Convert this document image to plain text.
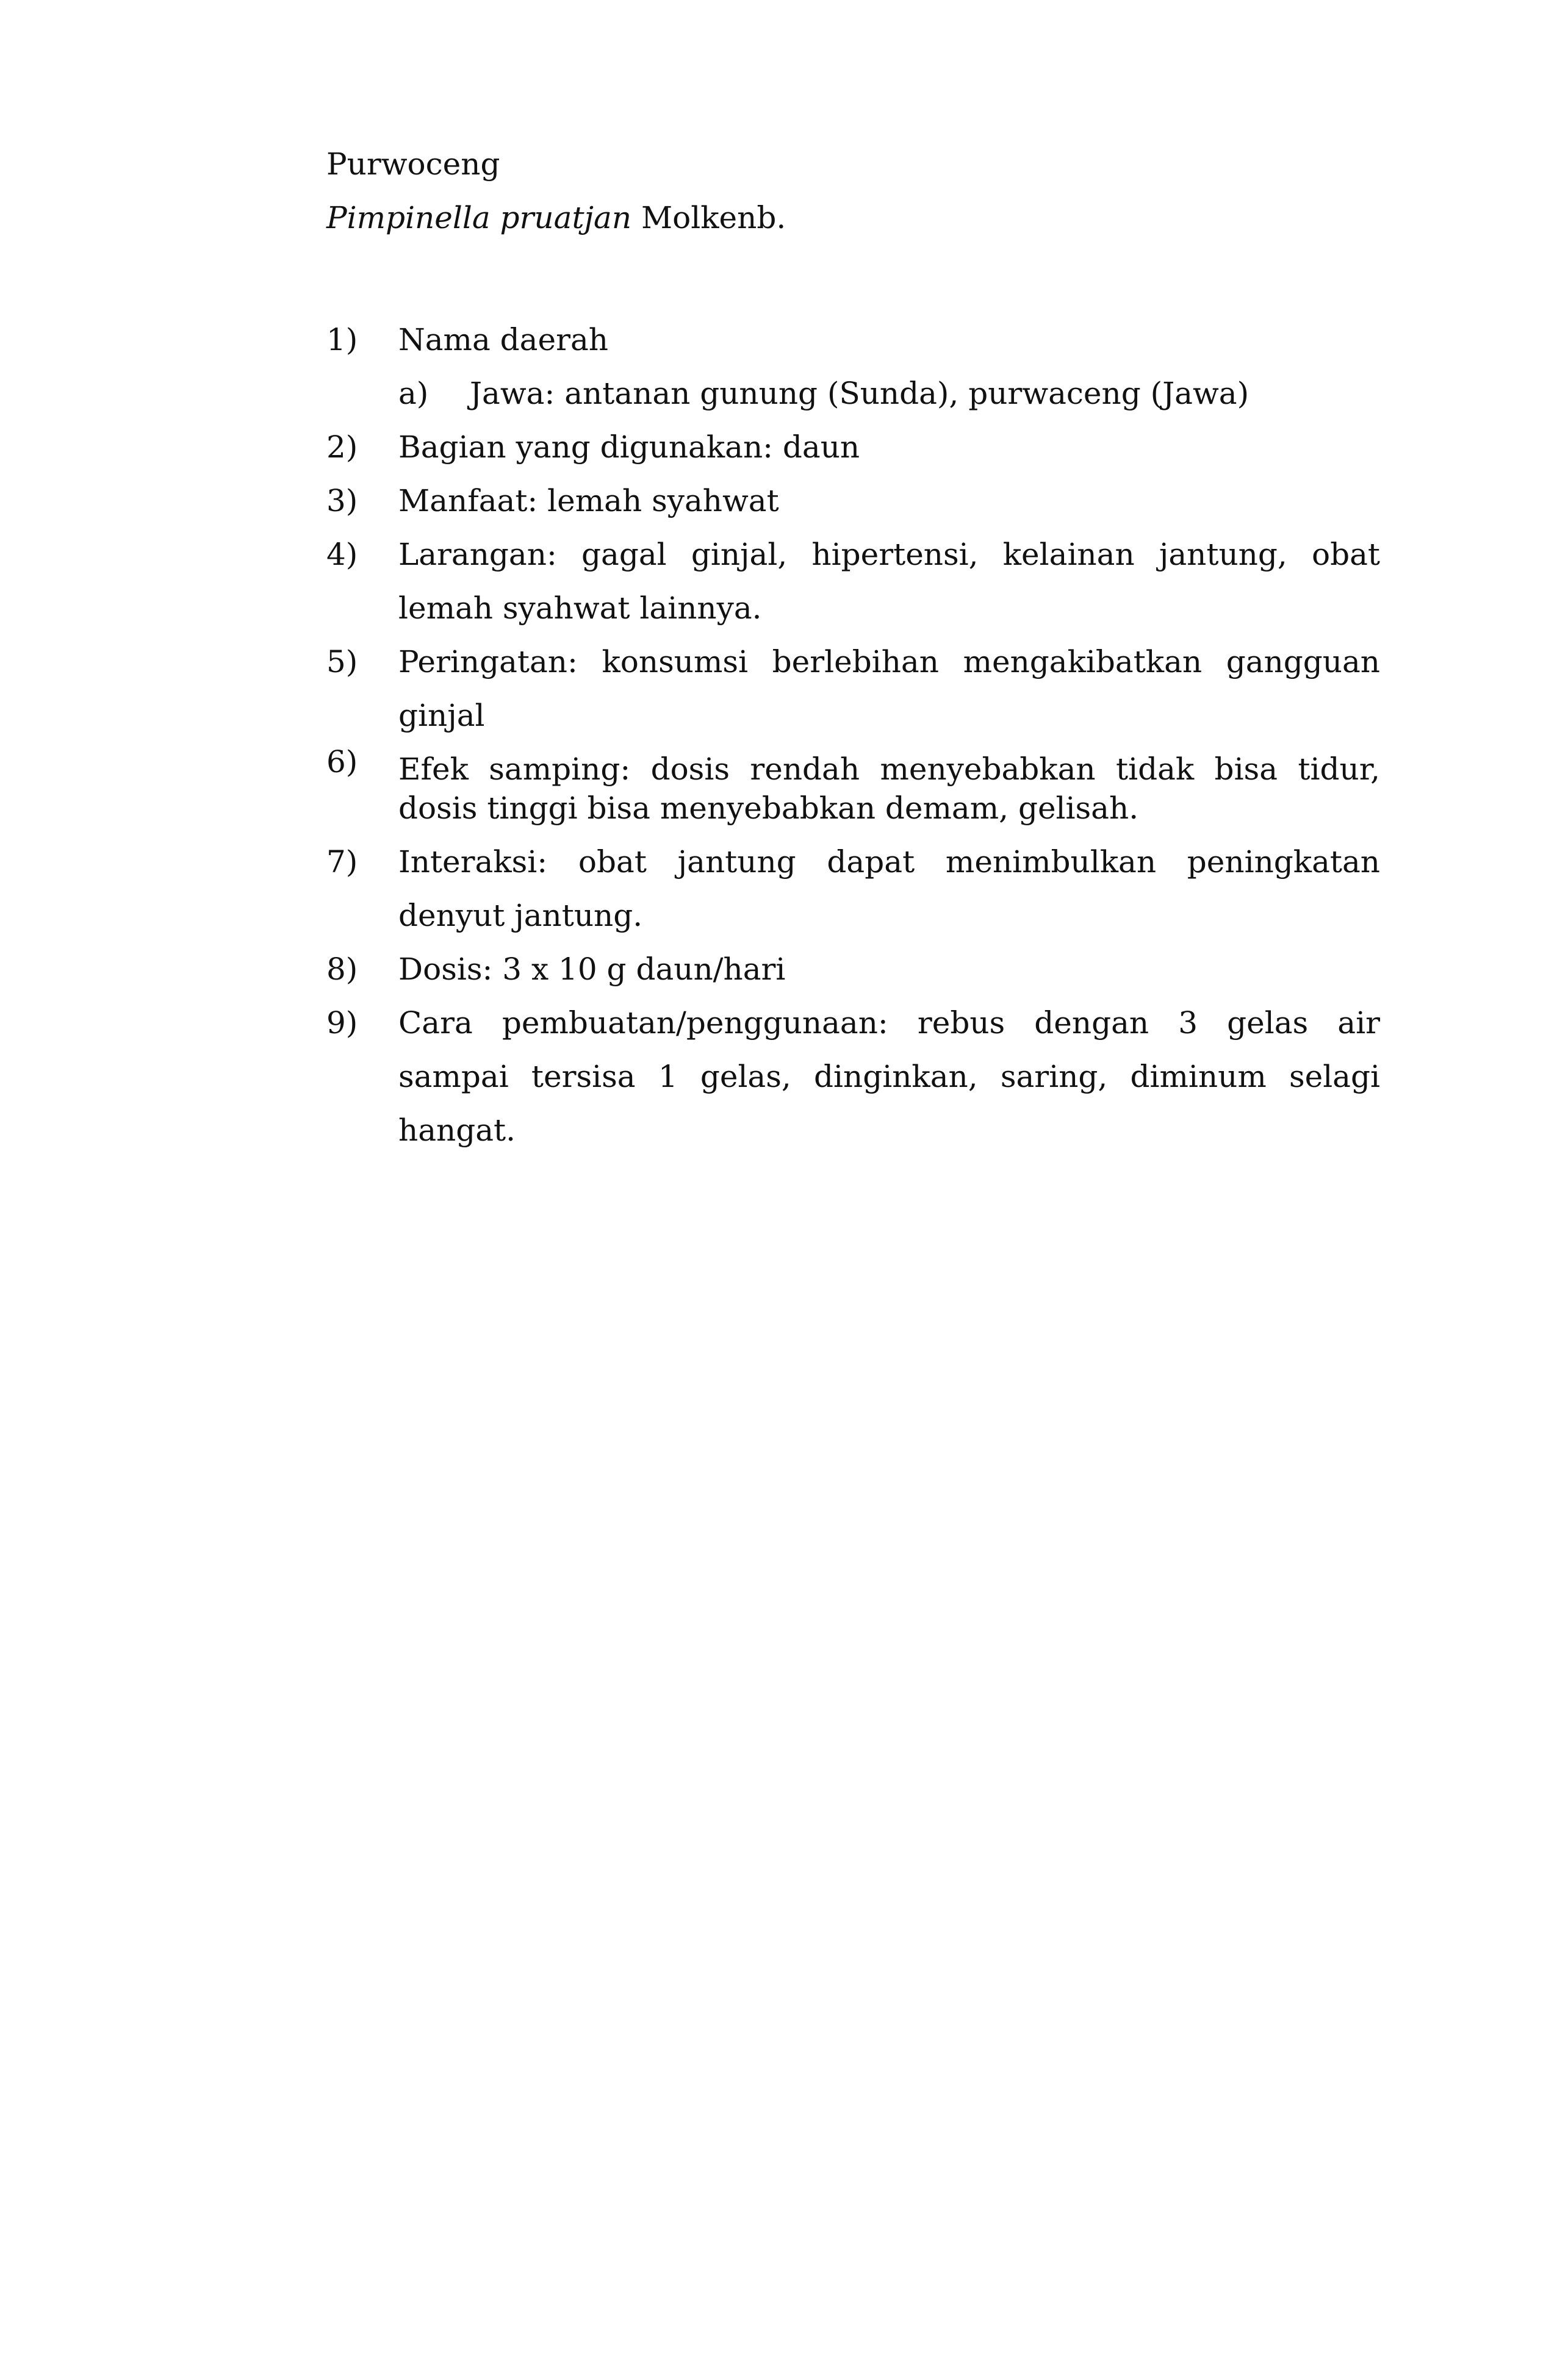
Purwoceng

Pimpinella pruatjan Molkenb.

1) Nama daerah
a) Jawa: antanan gunung (Sunda), purwaceng (Jawa)
2) Bagian yang digunakan: daun
3) Manfaat: lemah syahwat
4) Larangan: gagal ginjal, hipertensi, kelainan jantung, obat lemah syahwat lainnya.
5) Peringatan: konsumsi berlebihan mengakibatkan gangguan ginjal
6) Efek samping: dosis rendah menyebabkan tidak bisa tidur, dosis tinggi bisa menyebabkan demam, gelisah.
7) Interaksi: obat jantung dapat menimbulkan peningkatan denyut jantung.
8) Dosis: 3 x 10 g daun/hari
9) Cara pembuatan/penggunaan: rebus dengan 3 gelas air sampai tersisa 1 gelas, dinginkan, saring, diminum selagi hangat.
